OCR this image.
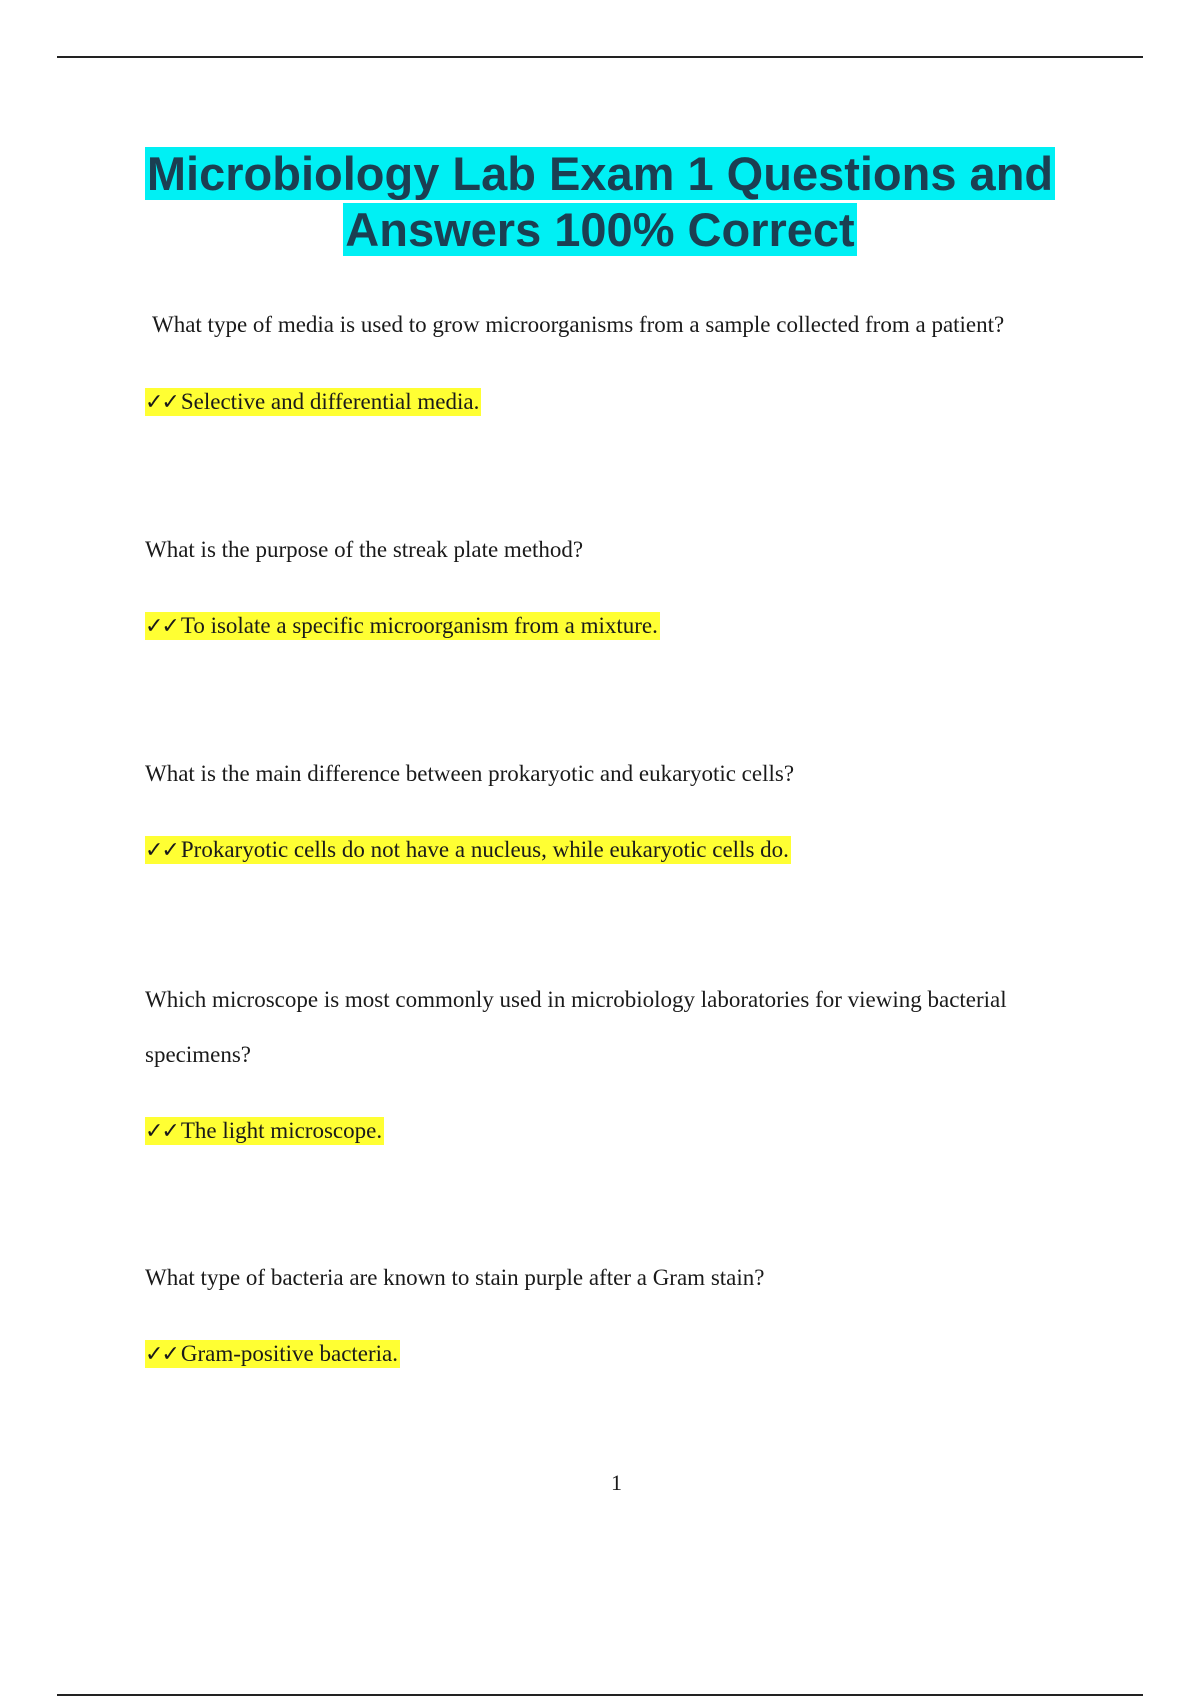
Microbiology Lab Exam 1 Questions and
Answers 100% Correct
What type of media is used to grow microorganisms from a sample collected from a patient?
✓✓ Selective and differential media.
What is the purpose of the streak plate method?
✓✓ To isolate a specific microorganism from a mixture.
What is the main difference between prokaryotic and eukaryotic cells?
✓✓ Prokaryotic cells do not have a nucleus, while eukaryotic cells do.
Which microscope is most commonly used in microbiology laboratories for viewing bacterial specimens?
✓✓ The light microscope.
What type of bacteria are known to stain purple after a Gram stain?
✓✓ Gram-positive bacteria.
1
